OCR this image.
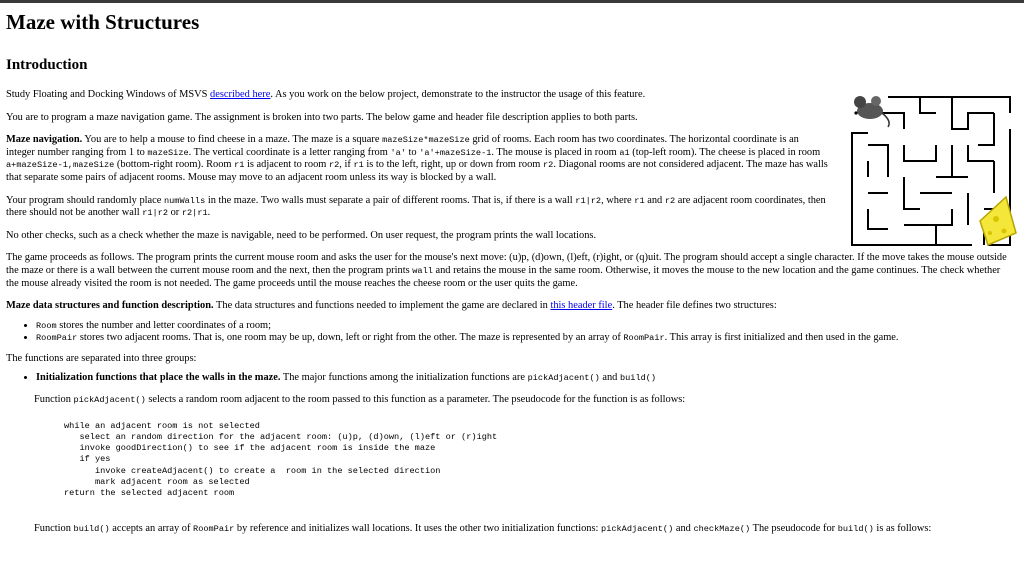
Maze with Structures
Introduction

Study Floating and Docking Windows of MSVS described here. As you work on the below project, demonstrate to the instructor the usage of this feature.

You are to program a maze navigation game. The assignment is broken into two parts. The below game and header file description applies to both parts.

Maze navigation. You are to help a mouse to find cheese in a maze. The maze is a square mazeSize*mazeSize grid of rooms. Each room has two coordinates. The horizontal coordinate is an integer number ranging from 1 to mazeSize. The vertical coordinate is a letter ranging from 'a' to 'a'+mazeSize-1. The mouse is placed in room a1 (top-left room). The cheese is placed in room a+mazeSize-1,mazeSize (bottom-right room). Room r1 is adjacent to room r2, if r1 is to the left, right, up or down from room r2. Diagonal rooms are not considered adjacent. The maze has walls that separate some pairs of adjacent rooms. Mouse may move to an adjacent room unless its way is blocked by a wall.

Your program should randomly place numWalls in the maze. Two walls must separate a pair of different rooms. That is, if there is a wall r1|r2, where r1 and r2 are adjacent room coordinates, then there should not be another wall r1|r2 or r2|r1.

No other checks, such as a check whether the maze is navigable, need to be performed. On user request, the program prints the wall locations.

The game proceeds as follows. The program prints the current mouse room and asks the user for the mouse's next move: (u)p, (d)own, (l)eft, (r)ight, or (q)uit. The program should accept a single character. If the move takes the mouse outside the maze or there is a wall between the current mouse room and the next, then the program prints wall and retains the mouse in the same room. Otherwise, it moves the mouse to the new location and the game continues. The check whether the mouse already visited the room is not needed. The game proceeds until the mouse reaches the cheese room or the user quits the game.

Maze data structures and function description. The data structures and functions needed to implement the game are declared in this header file. The header file defines two structures:

• Room stores the number and letter coordinates of a room;
• RoomPair stores two adjacent rooms. That is, one room may be up, down, left or right from the other. The maze is represented by an array of RoomPair. This array is first initialized and then used in the game.

The functions are separated into three groups:

• Initialization functions that place the walls in the maze. The major functions among the initialization functions are pickAdjacent() and build()

Function pickAdjacent() selects a random room adjacent to the room passed to this function as a parameter. The pseudocode for the function is as follows:

while an adjacent room is not selected
select an random direction for the adjacent room: (u)p, (d)own, (l)eft or (r)ight
invoke goodDirection() to see if the adjacent room is inside the maze
if yes
invoke createAdjacent() to create a  room in the selected direction
mark adjacent room as selected
return the selected adjacent room

Function build() accepts an array of RoomPair by reference and initializes wall locations. It uses the other two initialization functions: pickAdjacent() and checkMaze() The pseudocode for build() is as follows:
